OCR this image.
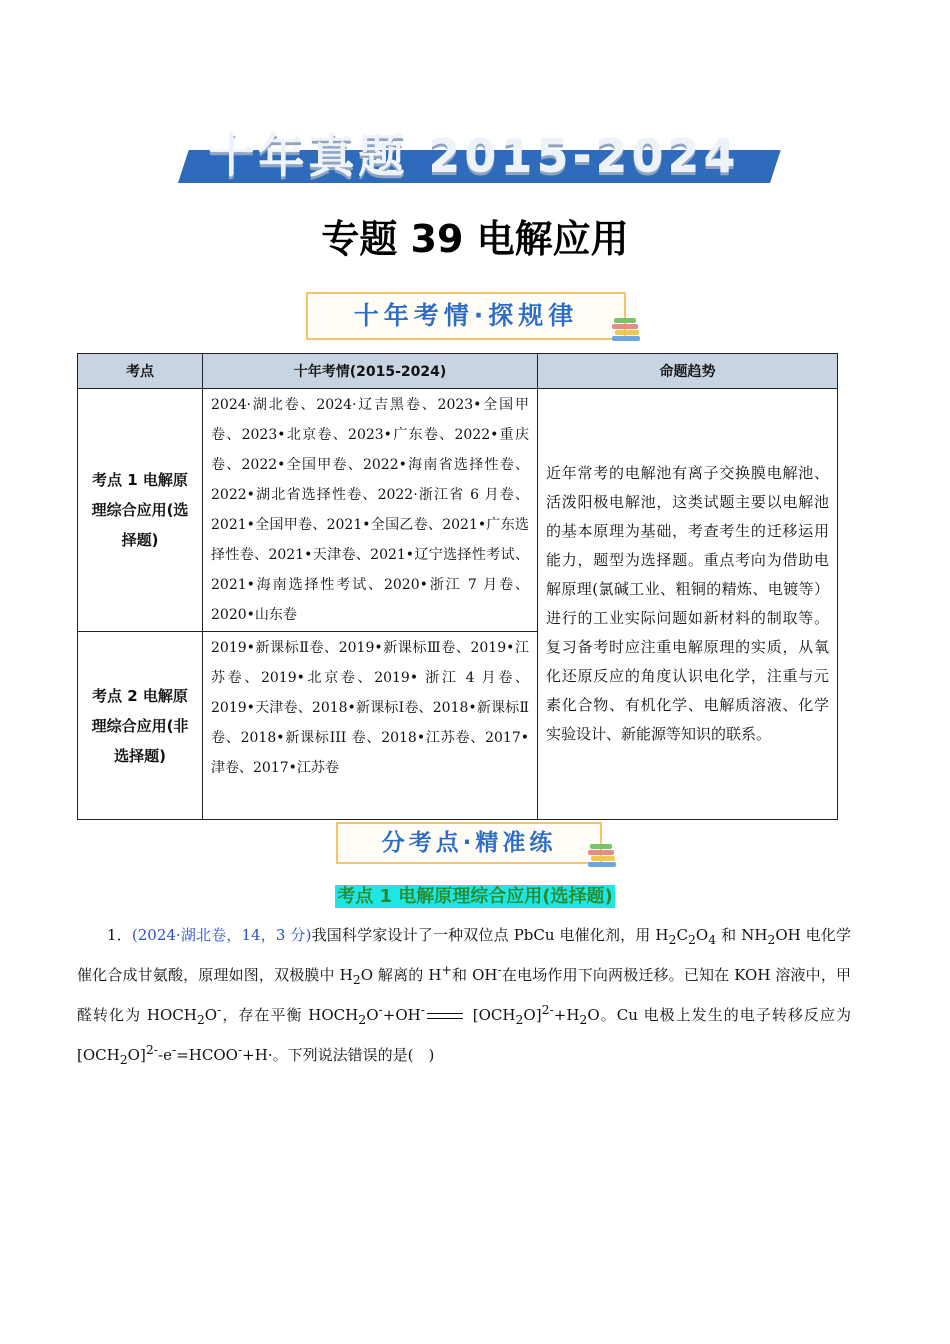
十年真题 2015-2024
专题 39 电解应用
十年考情·探规律
考点	十年考情(2015-2024)	命题趋势
考点 1 电解原理综合应用(选择题)	2024·湖北卷、2024·辽吉黑卷、2023•全国甲卷、2023•北京卷、2023•广东卷、2022•重庆卷、2022•全国甲卷、2022•海南省选择性卷、2022•湖北省选择性卷、2022·浙江省 6 月卷、2021•全国甲卷、2021•全国乙卷、2021•广东选择性卷、2021•天津卷、2021•辽宁选择性考试、2021•海南选择性考试、2020•浙江 7 月卷、2020•山东卷	近年常考的电解池有离子交换膜电解池、活泼阳极电解池，这类试题主要以电解池的基本原理为基础，考查考生的迁移运用能力，题型为选择题。重点考向为借助电解原理(氯碱工业、粗铜的精炼、电镀等）进行的工业实际问题如新材料的制取等。复习备考时应注重电解原理的实质，从氧化还原反应的角度认识电化学，注重与元素化合物、有机化学、电解质溶液、化学实验设计、新能源等知识的联系。
考点 2 电解原理综合应用(非选择题)	2019•新课标Ⅱ卷、2019•新课标Ⅲ卷、2019•江苏卷、2019•北京卷、2019• 浙江 4 月卷、2019•天津卷、2018•新课标Ⅰ卷、2018•新课标Ⅱ卷、2018•新课标III 卷、2018•江苏卷、2017•津卷、2017•江苏卷	
分考点·精准练
考点 1 电解原理综合应用(选择题)
1．(2024·湖北卷，14，3 分)我国科学家设计了一种双位点 PbCu 电催化剂，用 $H_2C_2O_4$ 和 $NH_2OH$ 电化学催化合成甘氨酸，原理如图，双极膜中 $H_2O$ 解离的 H+和 OH-在电场作用下向两极迁移。已知在 KOH 溶液中，甲醛转化为 $HOCH_2O^-$，存在平衡 $HOCH_2O^-+OH^-$	$[OCH_2O]^{2-}+H_2O$。Cu 电极上发生的电子转移反应为$[OCH_2O]^{2-}-e^-=HCOO^-+H\cdot$。下列说法错误的是(　)
